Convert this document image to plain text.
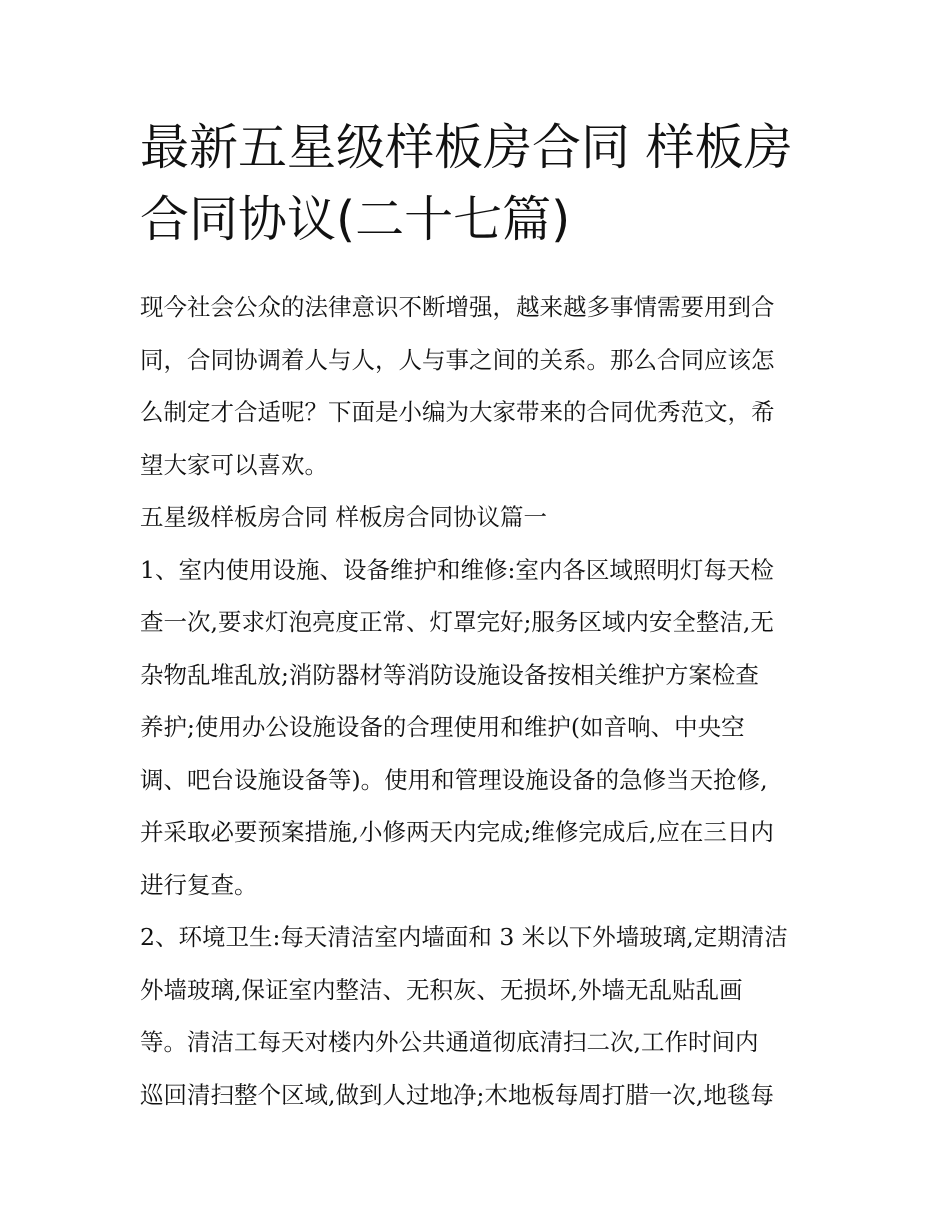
最新五星级样板房合同 样板房
合同协议(二十七篇)

现今社会公众的法律意识不断增强，越来越多事情需要用到合
同，合同协调着人与人，人与事之间的关系。那么合同应该怎
么制定才合适呢？下面是小编为大家带来的合同优秀范文，希
望大家可以喜欢。

五星级样板房合同 样板房合同协议篇一

1、室内使用设施、设备维护和维修:室内各区域照明灯每天检
查一次,要求灯泡亮度正常、灯罩完好;服务区域内安全整洁,无
杂物乱堆乱放;消防器材等消防设施设备按相关维护方案检查
养护;使用办公设施设备的合理使用和维护(如音响、中央空
调、吧台设施设备等)。使用和管理设施设备的急修当天抢修,
并采取必要预案措施,小修两天内完成;维修完成后,应在三日内
进行复查。

2、环境卫生:每天清洁室内墙面和 3 米以下外墙玻璃,定期清洁
外墙玻璃,保证室内整洁、无积灰、无损坏,外墙无乱贴乱画
等。清洁工每天对楼内外公共通道彻底清扫二次,工作时间内
巡回清扫整个区域,做到人过地净;木地板每周打腊一次,地毯每
